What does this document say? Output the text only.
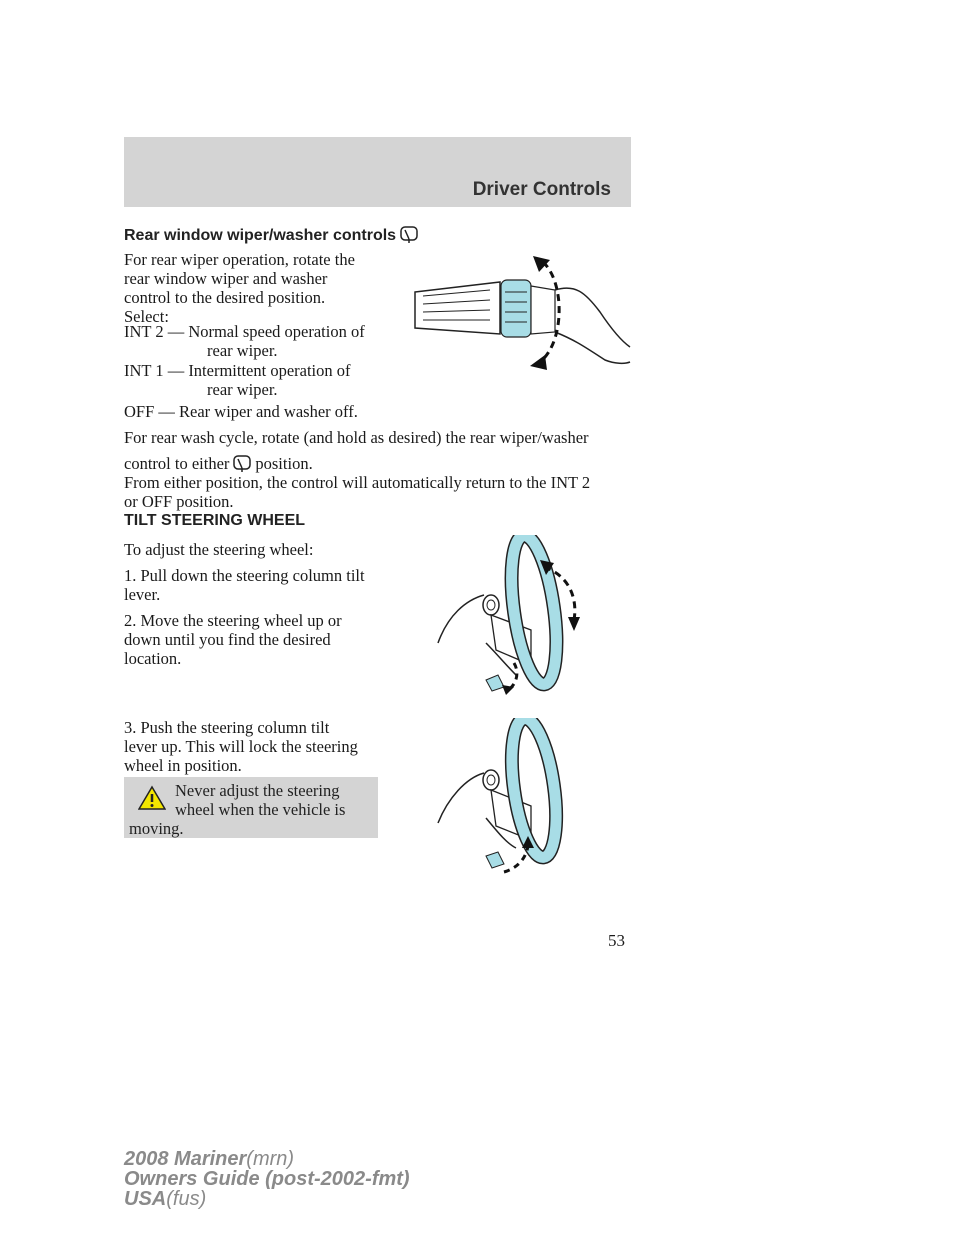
Driver Controls
Rear window wiper/washer controls
For rear wiper operation, rotate the
rear window wiper and washer
control to the desired position.
Select:
INT 2 — Normal speed operation of
rear wiper.
INT 1 — Intermittent operation of
rear wiper.
OFF — Rear wiper and washer off.
For rear wash cycle, rotate (and hold as desired) the rear wiper/washer
control to either position.
From either position, the control will automatically return to the INT 2
or OFF position.
TILT STEERING WHEEL
To adjust the steering wheel:
1. Pull down the steering column tilt
lever.
2. Move the steering wheel up or
down until you find the desired
location.
3. Push the steering column tilt
lever up. This will lock the steering
wheel in position.
Never adjust the steering
wheel when the vehicle is
moving.
53
2008 Mariner(mrn)
Owners Guide (post-2002-fmt)
USA(fus)
